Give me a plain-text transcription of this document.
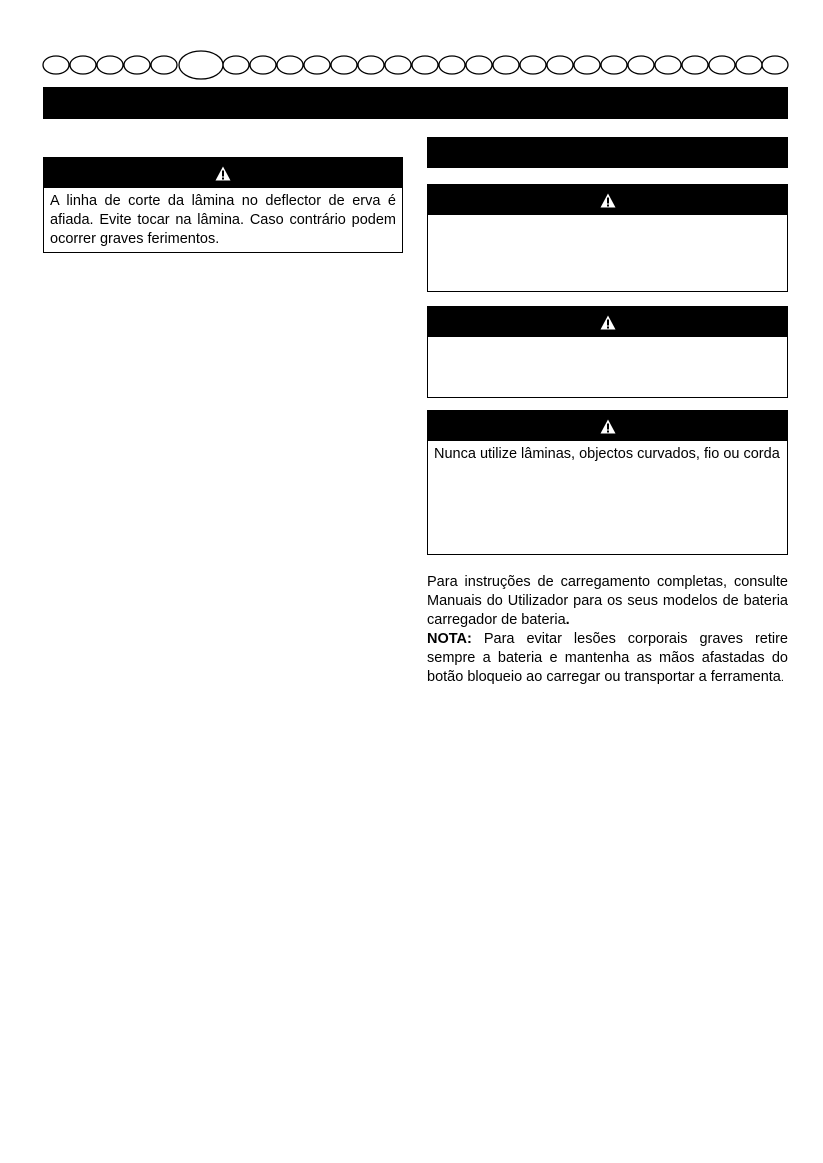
A linha de corte da lâmina no deflector de erva é afiada. Evite tocar na lâmina. Caso contrário podem ocorrer graves ferimentos.
Nunca utilize lâminas, objectos curvados, fio ou corda
Para instruções de carregamento completas, consulte Manuais do Utilizador para os seus modelos de bateria carregador de bateria.
NOTA: Para evitar lesões corporais graves retire sempre a bateria e mantenha as mãos afastadas do botão bloqueio ao carregar ou transportar a ferramenta.
